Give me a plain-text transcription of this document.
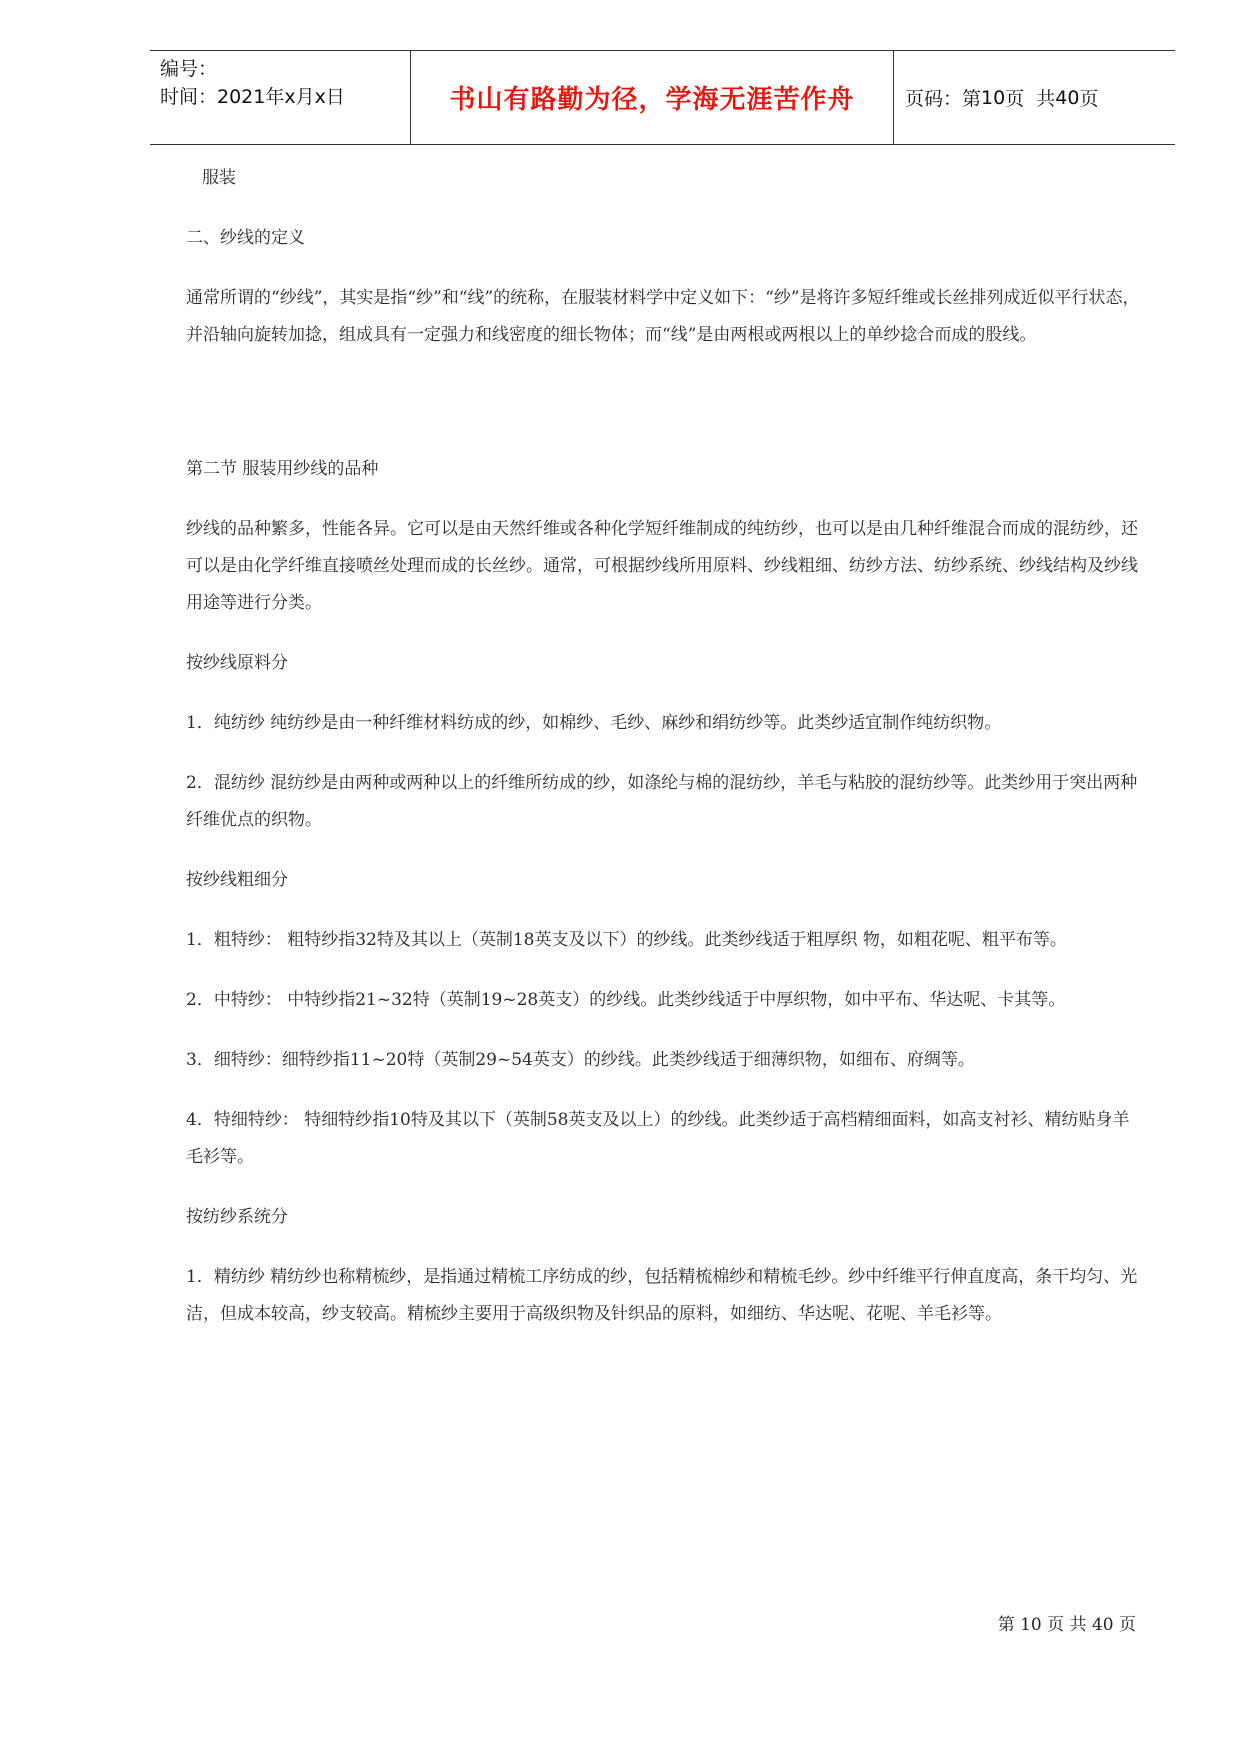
编号：
时间：2021年x月x日	书山有路勤为径，学海无涯苦作舟	页码：第 10 页  共 40 页

服装

二、纱线的定义

通常所谓的“纱线”，其实是指“纱”和“线”的统称，在服装材料学中定义如下：“纱”是将许多短纤维或长丝排列成近似平行状态，并沿轴向旋转加捻，组成具有一定强力和线密度的细长物体；而“线”是由两根或两根以上的单纱捻合而成的股线。

第二节 服装用纱线的品种

纱线的品种繁多，性能各异。它可以是由天然纤维或各种化学短纤维制成的纯纺纱，也可以是由几种纤维混合而成的混纺纱，还可以是由化学纤维直接喷丝处理而成的长丝纱。通常，可根据纱线所用原料、纱线粗细、纺纱方法、纺纱系统、纱线结构及纱线用途等进行分类。

按纱线原料分

1．纯纺纱 纯纺纱是由一种纤维材料纺成的纱，如棉纱、毛纱、麻纱和绢纺纱等。此类纱适宜制作纯纺织物。

2．混纺纱 混纺纱是由两种或两种以上的纤维所纺成的纱，如涤纶与棉的混纺纱，羊毛与粘胶的混纺纱等。此类纱用于突出两种纤维优点的织物。

按纱线粗细分

1．粗特纱： 粗特纱指32特及其以上（英制18英支及以下）的纱线。此类纱线适于粗厚织 物，如粗花呢、粗平布等。

2．中特纱： 中特纱指21~32特（英制19~28英支）的纱线。此类纱线适于中厚织物，如中平布、华达呢、卡其等。

3．细特纱：细特纱指11~20特（英制29~54英支）的纱线。此类纱线适于细薄织物，如细布、府绸等。

4．特细特纱： 特细特纱指10特及其以下（英制58英支及以上）的纱线。此类纱适于高档精细面料，如高支衬衫、精纺贴身羊毛衫等。

按纺纱系统分

1．精纺纱 精纺纱也称精梳纱，是指通过精梳工序纺成的纱，包括精梳棉纱和精梳毛纱。纱中纤维平行伸直度高，条干均匀、光洁，但成本较高，纱支较高。精梳纱主要用于高级织物及针织品的原料，如细纺、华达呢、花呢、羊毛衫等。

第 10 页 共 40 页
